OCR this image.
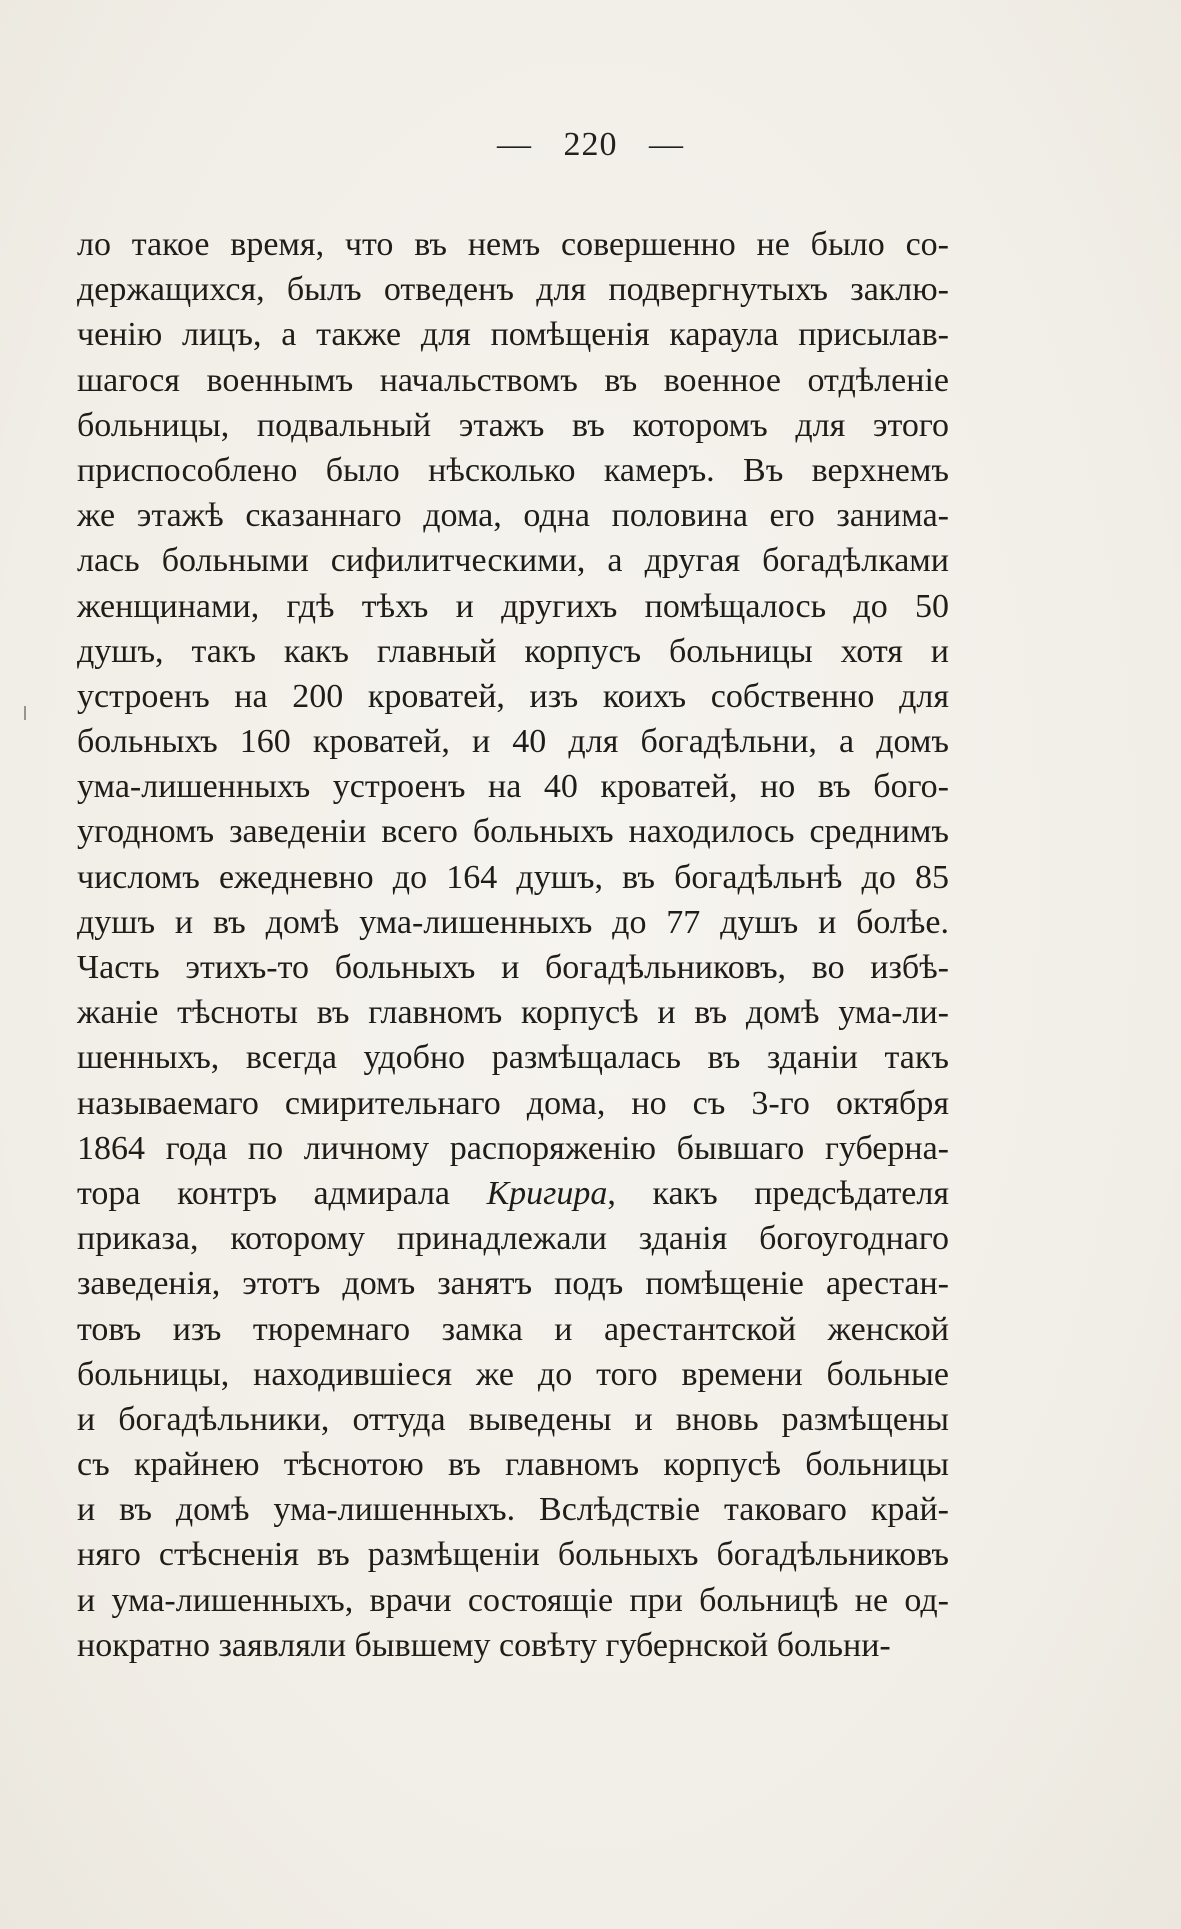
— 220 —
ло такое время, что въ немъ совершенно не было со-
держащихся, былъ отведенъ для подвергнутыхъ заклю-
ченію лицъ, а также для помѣщенія караула присылав-
шагося военнымъ начальствомъ въ военное отдѣленіе
больницы, подвальный этажъ въ которомъ для этого
приспособлено было нѣсколько камеръ. Въ верхнемъ
же этажѣ сказаннаго дома, одна половина его занима-
лась больными сифилитческими, а другая богадѣлками
женщинами, гдѣ тѣхъ и другихъ помѣщалось до 50
душъ, такъ какъ главный корпусъ больницы хотя и
устроенъ на 200 кроватей, изъ коихъ собственно для
больныхъ 160 кроватей, и 40 для богадѣльни, а домъ
ума-лишенныхъ устроенъ на 40 кроватей, но въ бого-
угодномъ заведеніи всего больныхъ находилось среднимъ
числомъ ежедневно до 164 душъ, въ богадѣльнѣ до 85
душъ и въ домѣ ума-лишенныхъ до 77 душъ и болѣе.
Часть этихъ-то больныхъ и богадѣльниковъ, во избѣ-
жаніе тѣсноты въ главномъ корпусѣ и въ домѣ ума-ли-
шенныхъ, всегда удобно размѣщалась въ зданіи такъ
называемаго смирительнаго дома, но съ 3-го октября
1864 года по личному распоряженію бывшаго губерна-
тора контръ адмирала Кригира, какъ предсѣдателя
приказа, которому принадлежали зданія богоугоднаго
заведенія, этотъ домъ занятъ подъ помѣщеніе арестан-
товъ изъ тюремнаго замка и арестантской женской
больницы, находившіеся же до того времени больные
и богадѣльники, оттуда выведены и вновь размѣщены
съ крайнею тѣснотою въ главномъ корпусѣ больницы
и въ домѣ ума-лишенныхъ. Вслѣдствіе таковаго край-
няго стѣсненія въ размѣщеніи больныхъ богадѣльниковъ
и ума-лишенныхъ, врачи состоящіе при больницѣ не од-
нократно заявляли бывшему совѣту губернской больни-
